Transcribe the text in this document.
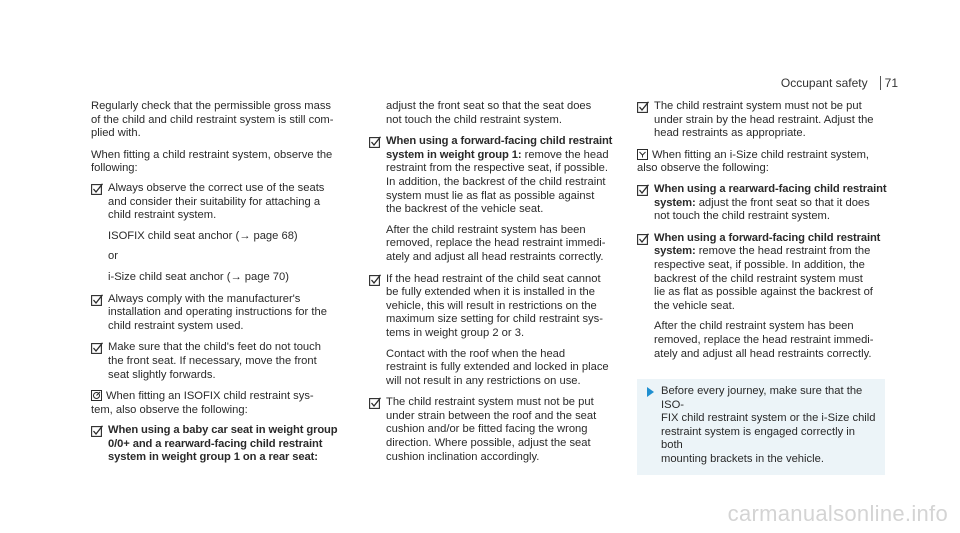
Occupant safety	71
Regularly check that the permissible gross mass
of the child and child restraint system is still com-
plied with.
When fitting a child restraint system, observe the
following:
Always observe the correct use of the seats
and consider their suitability for attaching a
child restraint system.
ISOFIX child seat anchor (→ page 68)
or
i-Size child seat anchor (→ page 70)
Always comply with the manufacturer's
installation and operating instructions for the
child restraint system used.
Make sure that the child's feet do not touch
the front seat. If necessary, move the front
seat slightly forwards.
When fitting an ISOFIX child restraint sys-
tem, also observe the following:
When using a baby car seat in weight group
0/0+ and a rearward-facing child restraint
system in weight group 1 on a rear seat:
adjust the front seat so that the seat does
not touch the child restraint system.
When using a forward-facing child restraint
system in weight group 1: remove the head
restraint from the respective seat, if possible.
In addition, the backrest of the child restraint
system must lie as flat as possible against
the backrest of the vehicle seat.
After the child restraint system has been
removed, replace the head restraint immedi-
ately and adjust all head restraints correctly.
If the head restraint of the child seat cannot
be fully extended when it is installed in the
vehicle, this will result in restrictions on the
maximum size setting for child restraint sys-
tems in weight group 2 or 3.
Contact with the roof when the head
restraint is fully extended and locked in place
will not result in any restrictions on use.
The child restraint system must not be put
under strain between the roof and the seat
cushion and/or be fitted facing the wrong
direction. Where possible, adjust the seat
cushion inclination accordingly.
The child restraint system must not be put
under strain by the head restraint. Adjust the
head restraints as appropriate.
When fitting an i-Size child restraint system,
also observe the following:
When using a rearward-facing child restraint
system: adjust the front seat so that it does
not touch the child restraint system.
When using a forward-facing child restraint
system: remove the head restraint from the
respective seat, if possible. In addition, the
backrest of the child restraint system must
lie as flat as possible against the backrest of
the vehicle seat.
After the child restraint system has been
removed, replace the head restraint immedi-
ately and adjust all head restraints correctly.
Before every journey, make sure that the ISO-
FIX child restraint system or the i-Size child
restraint system is engaged correctly in both
mounting brackets in the vehicle.
carmanualsonline.info
